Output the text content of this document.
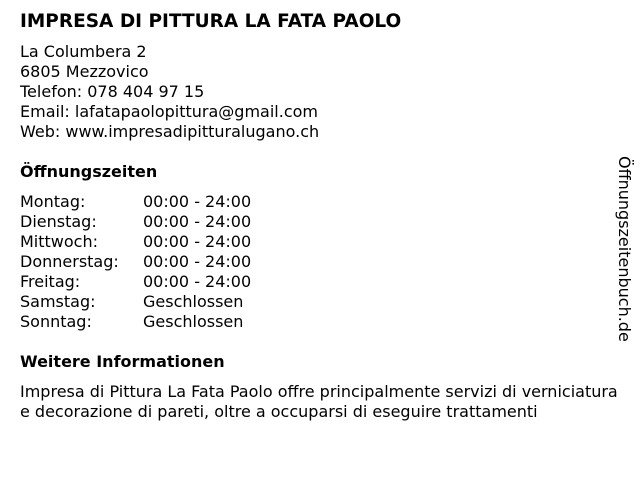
IMPRESA DI PITTURA LA FATA PAOLO
La Columbera 2
6805 Mezzovico
Telefon: 078 404 97 15
Email: lafatapaolopittura@gmail.com
Web: www.impresadipitturalugano.ch
Öffnungszeiten
Montag:	00:00 - 24:00
Dienstag:	00:00 - 24:00
Mittwoch:	00:00 - 24:00
Donnerstag:	00:00 - 24:00
Freitag:	00:00 - 24:00
Samstag:	Geschlossen
Sonntag:	Geschlossen
Weitere Informationen
Impresa di Pittura La Fata Paolo offre principalmente servizi di verniciatura e decorazione di pareti, oltre a occuparsi di eseguire trattamenti
Öffnungszeitenbuch.de
